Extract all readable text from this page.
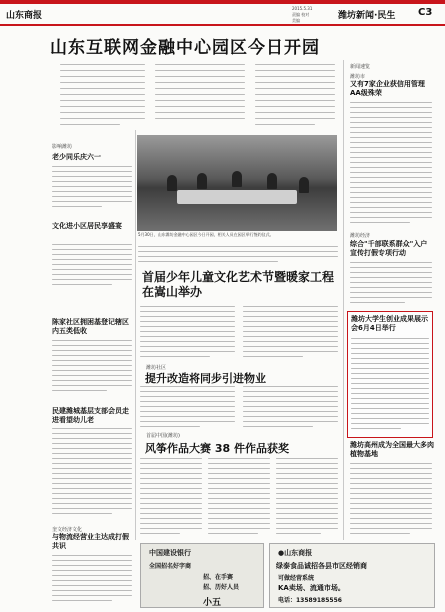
山东商报
2015.5.31
责编 校对
美编	潍坊新闻·民生 C3
山东互联网金融中心园区今日开园
影响潍坊
老少同乐庆六一
文化进小区居民享盛宴
陈家社区拥困基登记辖区内五类低收
民建潍城基层支部会员走进看望幼儿老
奎文经济文化
与物流经营业主达成打假共识
5月30日，山东潍坊金融中心园区今日开园，相关人员在园区举行签约仪式。
首届少年儿童文化艺术节暨暖家工程在嵩山举办
潍坊社区
提升改造将同步引进物业
首届中国(潍坊)
风筝作品大赛 38 件作品获奖
新闻速览
潍坊市
又有7家企业获信用管理AA级殊荣
潍坊经济
综合"千部联系群众"入户宣传打假专项行动
潍坊大学生创业成果展示会6月4日举行
潍坊高州成为全国最大多肉植物基地
中国建设银行
全国招名好字商
招、在手赛
招、历好人员
小五
●山东商报
绿泰食品诚招各县市区经销商
可做经营系统
KA卖场、流通市场。
电话：13589185556
